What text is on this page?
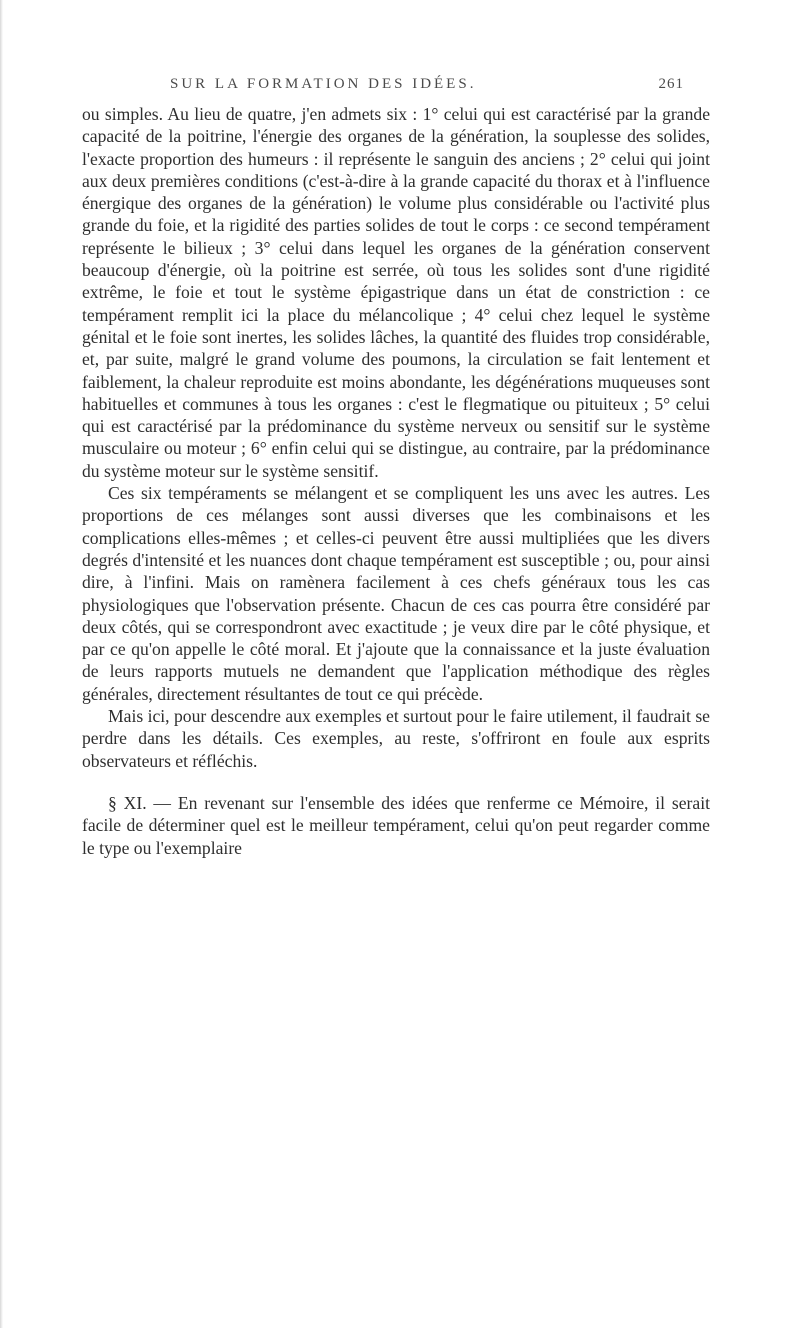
SUR LA FORMATION DES IDÉES.	261

ou simples. Au lieu de quatre, j'en admets six : 1° celui qui est caractérisé par la grande capacité de la poitrine, l'énergie des organes de la génération, la souplesse des solides, l'exacte proportion des humeurs : il représente le sanguin des anciens ; 2° celui qui joint aux deux premières conditions (c'est-à-dire à la grande capacité du thorax et à l'influence énergique des organes de la génération) le volume plus considérable ou l'activité plus grande du foie, et la rigidité des parties solides de tout le corps : ce second tempérament représente le bilieux ; 3° celui dans lequel les organes de la génération conservent beaucoup d'énergie, où la poitrine est serrée, où tous les solides sont d'une rigidité extrême, le foie et tout le système épigastrique dans un état de constriction : ce tempérament remplit ici la place du mélancolique ; 4° celui chez lequel le système génital et le foie sont inertes, les solides lâches, la quantité des fluides trop considérable, et, par suite, malgré le grand volume des poumons, la circulation se fait lentement et faiblement, la chaleur reproduite est moins abondante, les dégénérations muqueuses sont habituelles et communes à tous les organes : c'est le flegmatique ou pituiteux ; 5° celui qui est caractérisé par la prédominance du système nerveux ou sensitif sur le système musculaire ou moteur ; 6° enfin celui qui se distingue, au contraire, par la prédominance du système moteur sur le système sensitif.

Ces six tempéraments se mélangent et se compliquent les uns avec les autres. Les proportions de ces mélanges sont aussi diverses que les combinaisons et les complications elles-mêmes ; et celles-ci peuvent être aussi multipliées que les divers degrés d'intensité et les nuances dont chaque tempérament est susceptible ; ou, pour ainsi dire, à l'infini. Mais on ramènera facilement à ces chefs généraux tous les cas physiologiques que l'observation présente. Chacun de ces cas pourra être considéré par deux côtés, qui se correspondront avec exactitude ; je veux dire par le côté physique, et par ce qu'on appelle le côté moral. Et j'ajoute que la connaissance et la juste évaluation de leurs rapports mutuels ne demandent que l'application méthodique des règles générales, directement résultantes de tout ce qui précède.

Mais ici, pour descendre aux exemples et surtout pour le faire utilement, il faudrait se perdre dans les détails. Ces exemples, au reste, s'offriront en foule aux esprits observateurs et réfléchis.

§ XI. — En revenant sur l'ensemble des idées que renferme ce Mémoire, il serait facile de déterminer quel est le meilleur tempérament, celui qu'on peut regarder comme le type ou l'exemplaire
